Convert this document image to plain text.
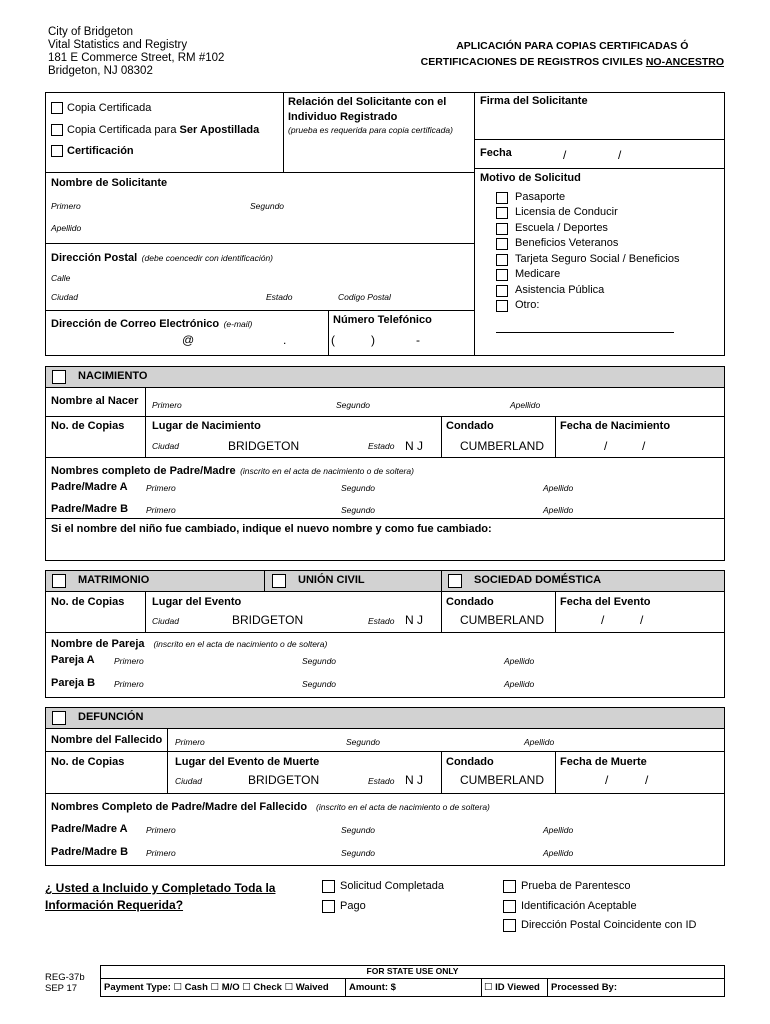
City of Bridgeton
Vital Statistics and Registry
181 E Commerce Street, RM #102
Bridgeton, NJ 08302
APLICACIÓN PARA COPIAS CERTIFICADAS Ó
CERTIFICACIONES DE REGISTROS CIVILES NO-ANCESTRO
Copia Certificada
Copia Certificada para Ser Apostillada
Certificación
Relación del Solicitante con el Individuo Registrado
(prueba es requerida para copia certificada)
Firma del Solicitante
Fecha	/	/
Nombre de Solicitante
Primero	Segundo
Apellido
Dirección Postal (debe coencedir con identificación)
Calle
Ciudad	Estado	Codigo Postal
Dirección de Correo Electrónico (e-mail)
@	.
Número Telefónico
(	)	-
Motivo de Solicitud
Pasaporte
Licensia de Conducir
Escuela / Deportes
Beneficios Veteranos
Tarjeta Seguro Social / Beneficios
Medicare
Asistencia Pública
Otro:
NACIMIENTO
Nombre al Nacer Primero	Segundo	Apellido
No. de Copias	Lugar de Nacimiento
Ciudad	BRIDGETON	Estado N J
Condado
CUMBERLAND
Fecha de Nacimiento
/	/
Nombres completo de Padre/Madre (inscrito en el acta de nacimiento o de soltera)
Padre/Madre A Primero	Segundo	Apellido
Padre/Madre B Primero	Segundo	Apellido
Si el nombre del niño fue cambiado, indique el nuevo nombre y como fue cambiado:
MATRIMONIO	UNIÓN CIVIL	SOCIEDAD DOMÉSTICA
No. de Copias	Lugar del Evento
Ciudad	BRIDGETON	Estado N J
Condado
CUMBERLAND
Fecha del Evento
/	/
Nombre de Pareja (inscrito en el acta de nacimiento o de soltera)
Pareja A Primero	Segundo	Apellido
Pareja B Primero	Segundo	Apellido
DEFUNCIÓN
Nombre del Fallecido Primero	Segundo	Apellido
No. de Copias	Lugar del Evento de Muerte
Ciudad	BRIDGETON	Estado N J
Condado
CUMBERLAND
Fecha de Muerte
/	/
Nombres Completo de Padre/Madre del Fallecido (inscrito en el acta de nacimiento o de soltera)
Padre/Madre A Primero	Segundo	Apellido
Padre/Madre B Primero	Segundo	Apellido
¿ Usted a Incluido y Completado Toda la
Información Requerida?
Solicitud Completada
Pago
Prueba de Parentesco
Identificación Aceptable
Dirección Postal Coincidente con ID
REG-37b
SEP 17
FOR STATE USE ONLY
Payment Type: ☐ Cash ☐ M/O ☐ Check ☐ Waived Amount: $	☐ ID Viewed Processed By:
